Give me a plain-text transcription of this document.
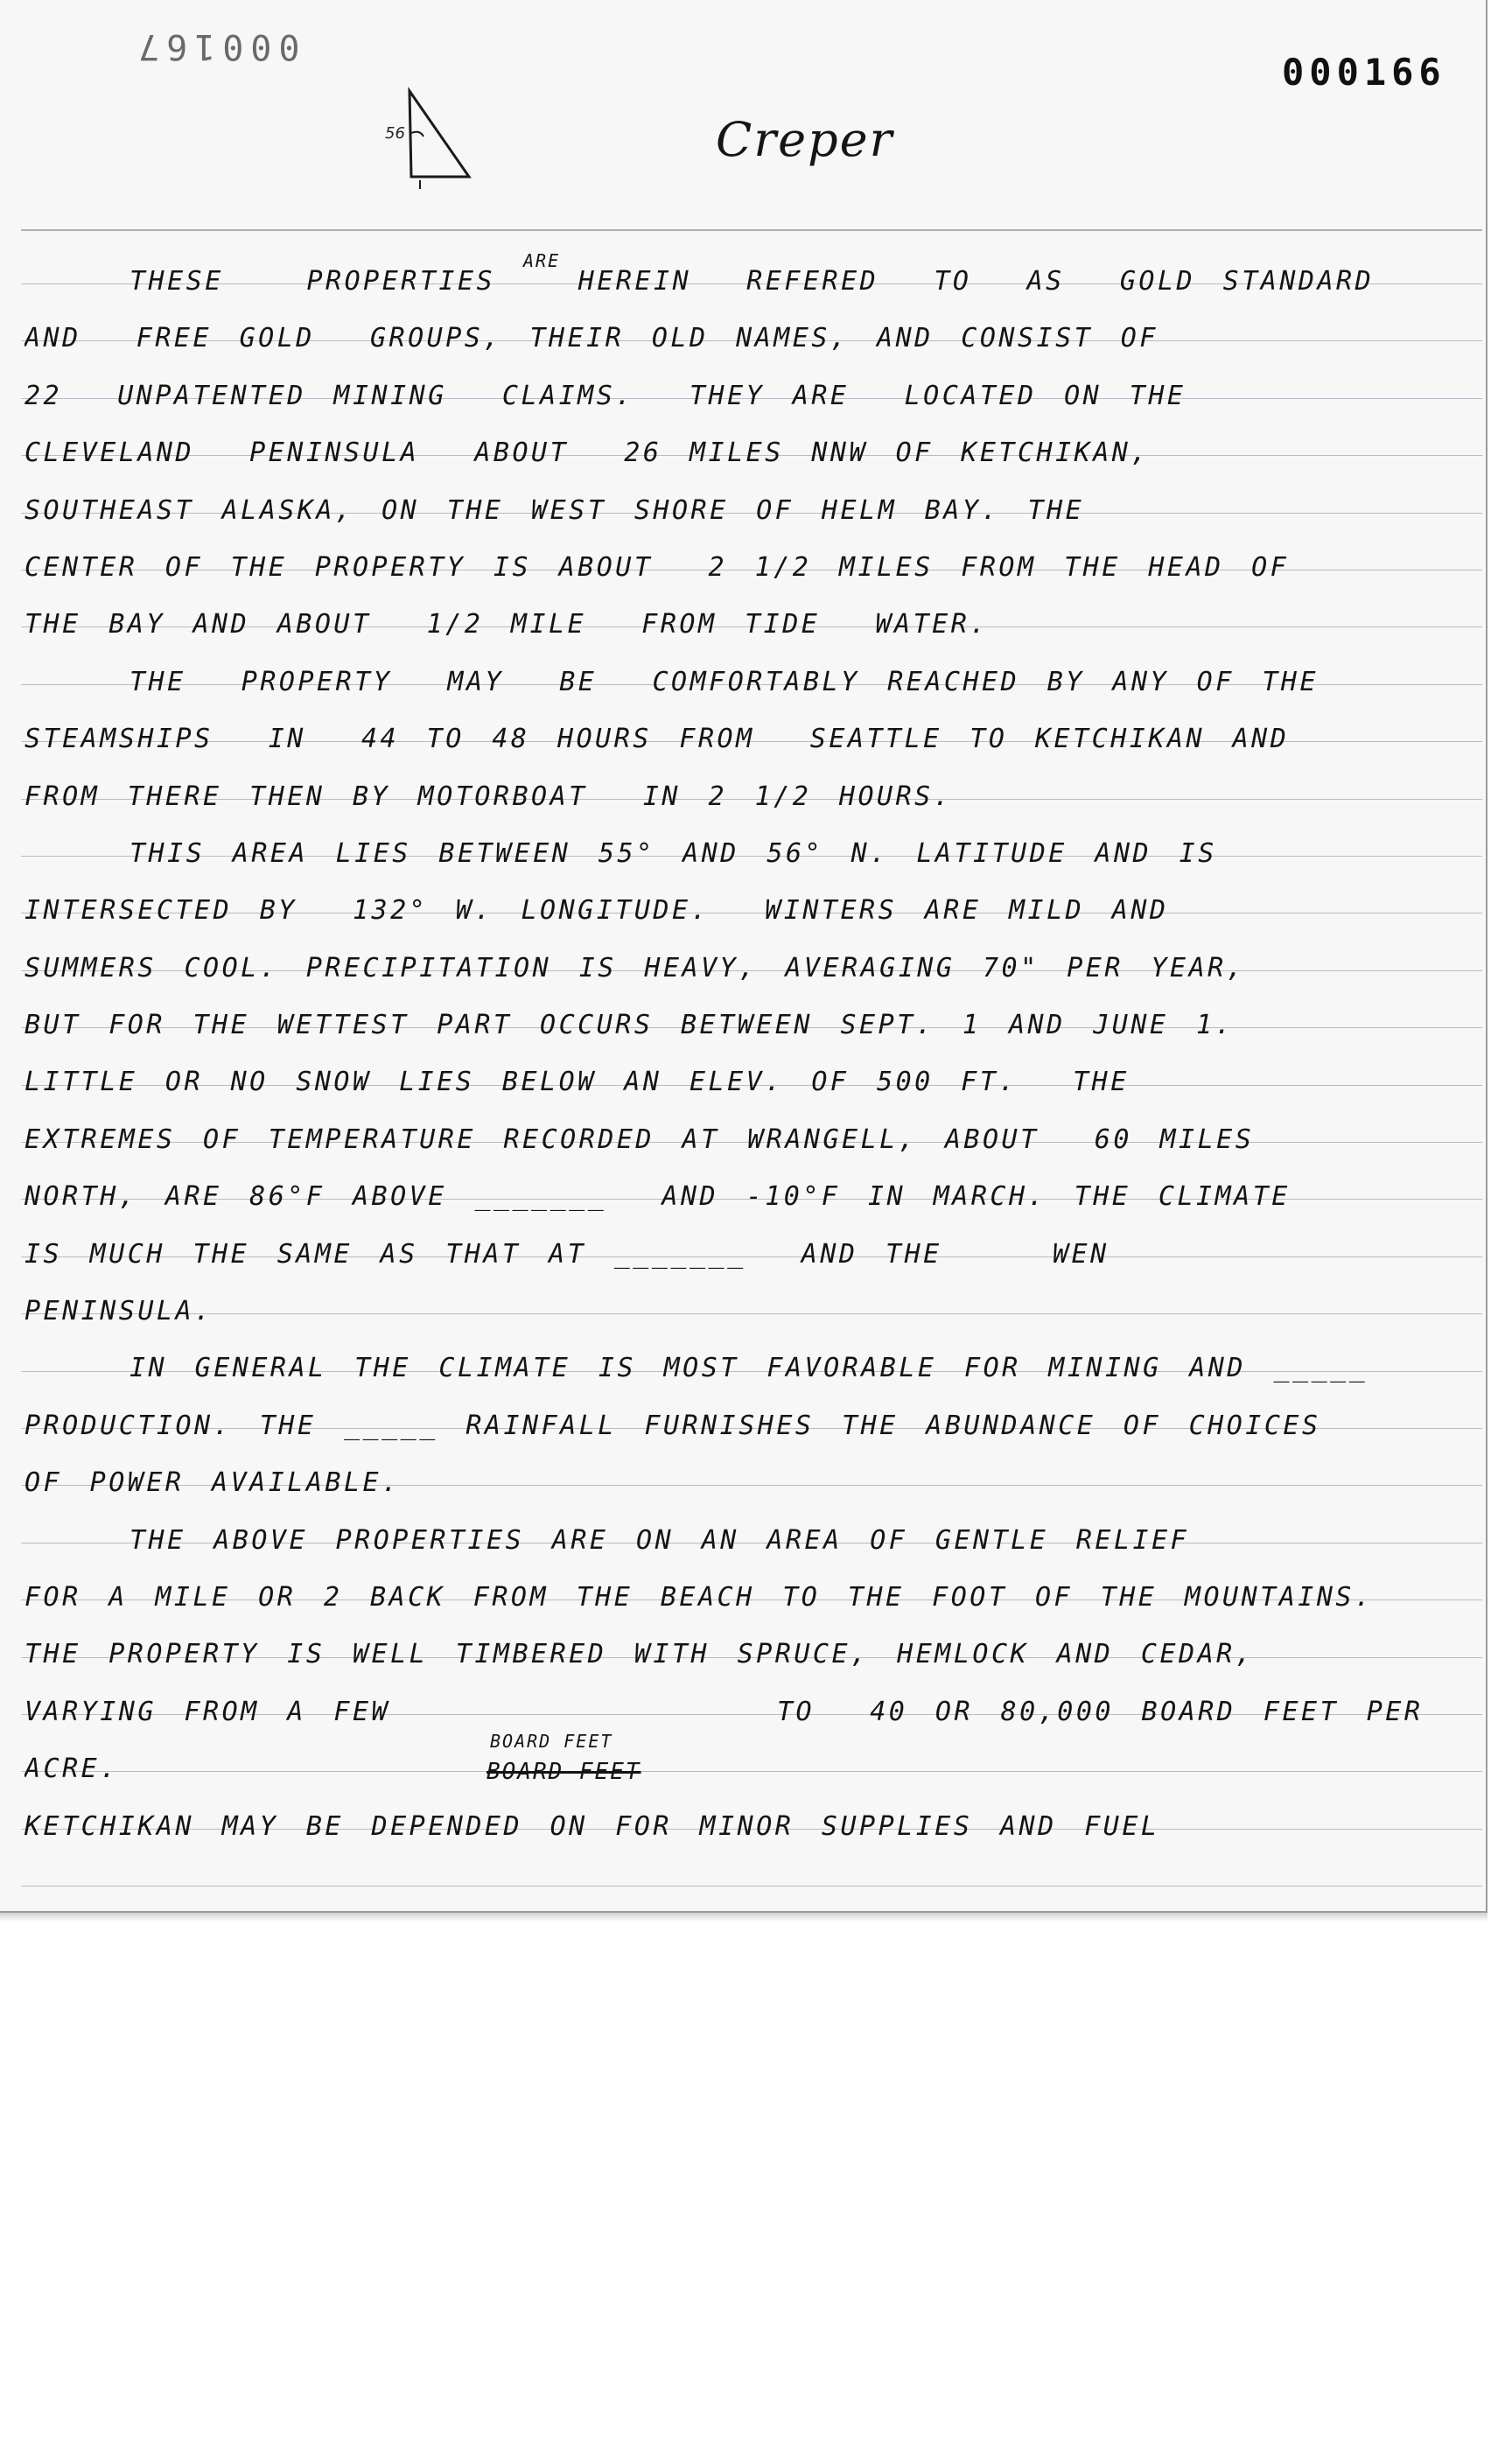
000167
000166
Creper
56
THESE   PROPERTIES   HEREIN  REFERED  TO  AS  GOLD STANDARD
AND  FREE GOLD  GROUPS, THEIR OLD NAMES, AND CONSIST OF
22  UNPATENTED MINING  CLAIMS.  THEY ARE  LOCATED ON THE
CLEVELAND  PENINSULA  ABOUT  26 MILES NNW OF KETCHIKAN,
SOUTHEAST ALASKA, ON THE WEST SHORE OF HELM BAY. THE
CENTER OF THE PROPERTY IS ABOUT  2 1/2 MILES FROM THE HEAD OF
THE BAY AND ABOUT  1/2 MILE  FROM TIDE  WATER.
THE  PROPERTY  MAY  BE  COMFORTABLY REACHED BY ANY OF THE
STEAMSHIPS  IN  44 TO 48 HOURS FROM  SEATTLE TO KETCHIKAN AND
FROM THERE THEN BY MOTORBOAT  IN 2 1/2 HOURS.
THIS AREA LIES BETWEEN 55° AND 56° N. LATITUDE AND IS
INTERSECTED BY  132° W. LONGITUDE.  WINTERS ARE MILD AND
SUMMERS COOL. PRECIPITATION IS HEAVY, AVERAGING 70" PER YEAR,
BUT FOR THE WETTEST PART OCCURS BETWEEN SEPT. 1 AND JUNE 1.
LITTLE OR NO SNOW LIES BELOW AN ELEV. OF 500 FT.  THE
EXTREMES OF TEMPERATURE RECORDED AT WRANGELL, ABOUT  60 MILES
NORTH, ARE 86°F ABOVE _______  AND -10°F IN MARCH. THE CLIMATE
IS MUCH THE SAME AS THAT AT _______  AND THE    WEN
PENINSULA.
IN GENERAL THE CLIMATE IS MOST FAVORABLE FOR MINING AND _____
PRODUCTION. THE _____ RAINFALL FURNISHES THE ABUNDANCE OF CHOICES
OF POWER AVAILABLE.
THE ABOVE PROPERTIES ARE ON AN AREA OF GENTLE RELIEF
FOR A MILE OR 2 BACK FROM THE BEACH TO THE FOOT OF THE MOUNTAINS.
THE PROPERTY IS WELL TIMBERED WITH SPRUCE, HEMLOCK AND CEDAR,
VARYING FROM A FEW              TO  40 OR 80,000 BOARD FEET PER
ACRE.
KETCHIKAN MAY BE DEPENDED ON FOR MINOR SUPPLIES AND FUEL
ARE
BOARD FEET
BOARD FEET
